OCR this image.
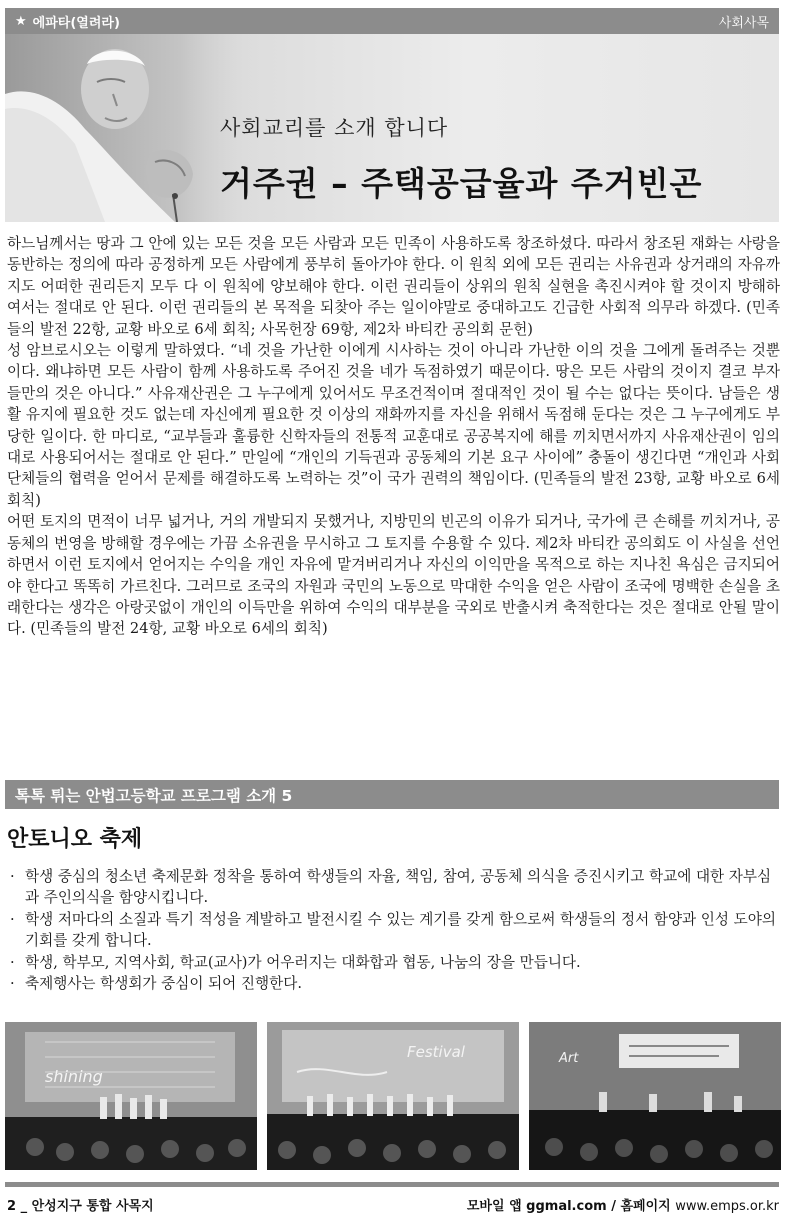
★ 에파타(열려라)	사회사목
사회교리를 소개 합니다
거주권 – 주택공급율과 주거빈곤

하느님께서는 땅과 그 안에 있는 모든 것을 모든 사람과 모든 민족이 사용하도록 창조하셨다. 따라서 창조된 재화는 사랑을 동반하는 정의에 따라 공정하게 모든 사람에게 풍부히 돌아가야 한다. 이 원칙 외에 모든 권리는 사유권과 상거래의 자유까지도 어떠한 권리든지 모두 다 이 원칙에 양보해야 한다. 이런 권리들이 상위의 원칙 실현을 촉진시켜야 할 것이지 방해하여서는 절대로 안 된다. 이런 권리들의 본 목적을 되찾아 주는 일이야말로 중대하고도 긴급한 사회적 의무라 하겠다. (민족들의 발전 22항, 교황 바오로 6세 회칙; 사목헌장 69항, 제2차 바티칸 공의회 문헌)

성 암브로시오는 이렇게 말하였다. “네 것을 가난한 이에게 시사하는 것이 아니라 가난한 이의 것을 그에게 돌려주는 것뿐이다. 왜냐하면 모든 사람이 함께 사용하도록 주어진 것을 네가 독점하였기 때문이다. 땅은 모든 사람의 것이지 결코 부자들만의 것은 아니다.” 사유재산권은 그 누구에게 있어서도 무조건적이며 절대적인 것이 될 수는 없다는 뜻이다. 남들은 생활 유지에 필요한 것도 없는데 자신에게 필요한 것 이상의 재화까지를 자신을 위해서 독점해 둔다는 것은 그 누구에게도 부당한 일이다. 한 마디로, “교부들과 훌륭한 신학자들의 전통적 교훈대로 공공복지에 해를 끼치면서까지 사유재산권이 임의대로 사용되어서는 절대로 안 된다.” 만일에 “개인의 기득권과 공동체의 기본 요구 사이에” 충돌이 생긴다면 “개인과 사회단체들의 협력을 얻어서 문제를 해결하도록 노력하는 것”이 국가 권력의 책임이다. (민족들의 발전 23항, 교황 바오로 6세 회칙)

어떤 토지의 면적이 너무 넓거나, 거의 개발되지 못했거나, 지방민의 빈곤의 이유가 되거나, 국가에 큰 손해를 끼치거나, 공동체의 번영을 방해할 경우에는 가끔 소유권을 무시하고 그 토지를 수용할 수 있다. 제2차 바티칸 공의회도 이 사실을 선언하면서 이런 토지에서 얻어지는 수익을 개인 자유에 맡겨버리거나 자신의 이익만을 목적으로 하는 지나친 욕심은 금지되어야 한다고 똑똑히 가르친다. 그러므로 조국의 자원과 국민의 노동으로 막대한 수익을 얻은 사람이 조국에 명백한 손실을 초래한다는 생각은 아랑곳없이 개인의 이득만을 위하여 수익의 대부분을 국외로 반출시켜 축적한다는 것은 절대로 안될 말이다. (민족들의 발전 24항, 교황 바오로 6세의 회칙)

톡톡 튀는 안법고등학교 프로그램 소개 5
안토니오 축제
· 학생 중심의 청소년 축제문화 정착을 통하여 학생들의 자율, 책임, 참여, 공동체 의식을 증진시키고 학교에 대한 자부심과 주인의식을 함양시킵니다.
· 학생 저마다의 소질과 특기 적성을 계발하고 발전시킬 수 있는 계기를 갖게 함으로써 학생들의 정서 함양과 인성 도야의 기회를 갖게 합니다.
· 학생, 학부모, 지역사회, 학교(교사)가 어우러지는 대화합과 협동, 나눔의 장을 만듭니다.
· 축제행사는 학생회가 중심이 되어 진행한다.
shining
Festival	Art
2 _ 안성지구 통합 사목지	모바일 앱 ggmal.com / 홈페이지 www.emps.or.kr
